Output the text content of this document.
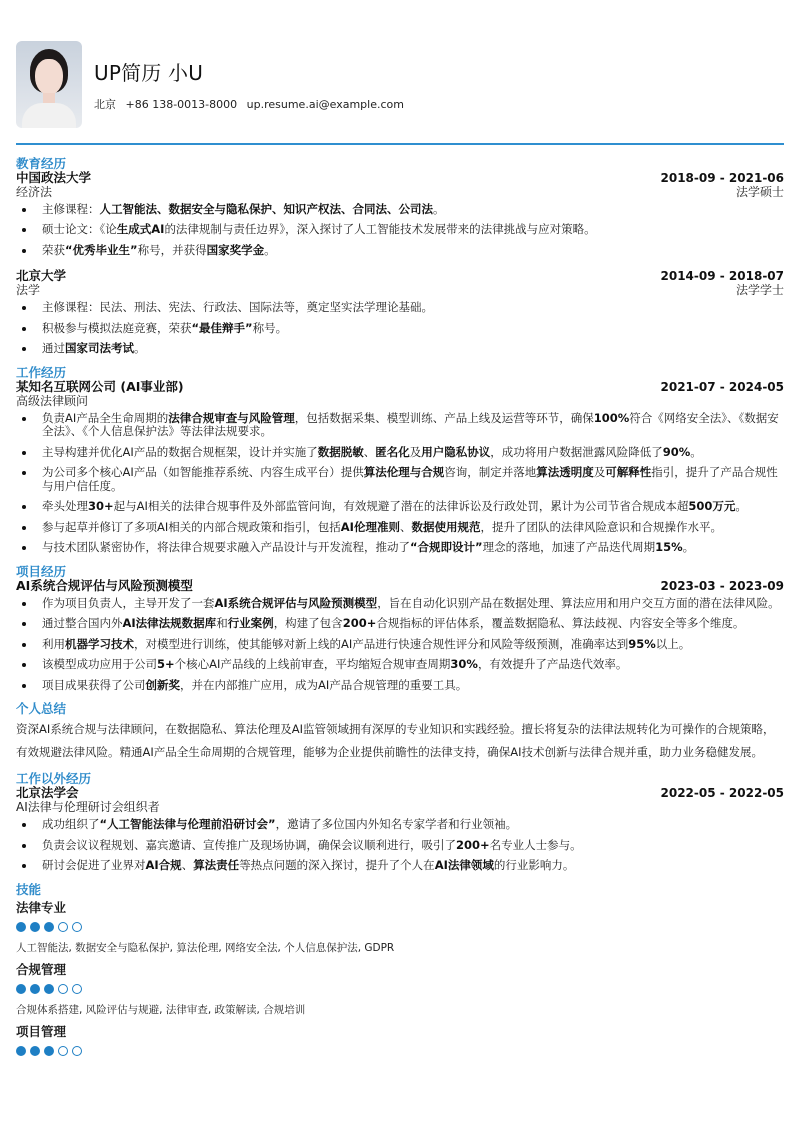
UP简历 小U
北京 +86 138-0013-8000 up.resume.ai@example.com
教育经历
中国政法大学
经济法
2018-09 - 2021-06
法学硕士
主修课程：人工智能法、数据安全与隐私保护、知识产权法、合同法、公司法。
硕士论文：《论生成式AI的法律规制与责任边界》，深入探讨了人工智能技术发展带来的法律挑战与应对策略。
荣获“优秀毕业生”称号，并获得国家奖学金。
北京大学
法学
2014-09 - 2018-07
法学学士
主修课程：民法、刑法、宪法、行政法、国际法等，奠定坚实法学理论基础。
积极参与模拟法庭竞赛，荣获“最佳辩手”称号。
通过国家司法考试。
工作经历
某知名互联网公司 (AI事业部)
高级法律顾问
2021-07 - 2024-05
负责AI产品全生命周期的法律合规审查与风险管理，包括数据采集、模型训练、产品上线及运营等环节，确保100%符合《网络安全法》、《数据安全法》、《个人信息保护法》等法律法规要求。
主导构建并优化AI产品的数据合规框架，设计并实施了数据脱敏、匿名化及用户隐私协议，成功将用户数据泄露风险降低了90%。
为公司多个核心AI产品（如智能推荐系统、内容生成平台）提供算法伦理与合规咨询，制定并落地算法透明度及可解释性指引，提升了产品合规性与用户信任度。
牵头处理30+起与AI相关的法律合规事件及外部监管问询，有效规避了潜在的法律诉讼及行政处罚，累计为公司节省合规成本超500万元。
参与起草并修订了多项AI相关的内部合规政策和指引，包括AI伦理准则、数据使用规范，提升了团队的法律风险意识和合规操作水平。
与技术团队紧密协作，将法律合规要求融入产品设计与开发流程，推动了“合规即设计”理念的落地，加速了产品迭代周期15%。
项目经历
AI系统合规评估与风险预测模型	2023-03 - 2023-09
作为项目负责人，主导开发了一套AI系统合规评估与风险预测模型，旨在自动化识别产品在数据处理、算法应用和用户交互方面的潜在法律风险。
通过整合国内外AI法律法规数据库和行业案例，构建了包含200+合规指标的评估体系，覆盖数据隐私、算法歧视、内容安全等多个维度。
利用机器学习技术，对模型进行训练，使其能够对新上线的AI产品进行快速合规性评分和风险等级预测，准确率达到95%以上。
该模型成功应用于公司5+个核心AI产品线的上线前审查，平均缩短合规审查周期30%，有效提升了产品迭代效率。
项目成果获得了公司创新奖，并在内部推广应用，成为AI产品合规管理的重要工具。
个人总结
资深AI系统合规与法律顾问，在数据隐私、算法伦理及AI监管领域拥有深厚的专业知识和实践经验。擅长将复杂的法律法规转化为可操作的合规策略，有效规避法律风险。精通AI产品全生命周期的合规管理，能够为企业提供前瞻性的法律支持，确保AI技术创新与法律合规并重，助力业务稳健发展。
工作以外经历
北京法学会
AI法律与伦理研讨会组织者
2022-05 - 2022-05
成功组织了“人工智能法律与伦理前沿研讨会”，邀请了多位国内外知名专家学者和行业领袖。
负责会议议程规划、嘉宾邀请、宣传推广及现场协调，确保会议顺利进行，吸引了200+名专业人士参与。
研讨会促进了业界对AI合规、算法责任等热点问题的深入探讨，提升了个人在AI法律领域的行业影响力。
技能
法律专业
人工智能法, 数据安全与隐私保护, 算法伦理, 网络安全法, 个人信息保护法, GDPR
合规管理
合规体系搭建, 风险评估与规避, 法律审查, 政策解读, 合规培训
项目管理
